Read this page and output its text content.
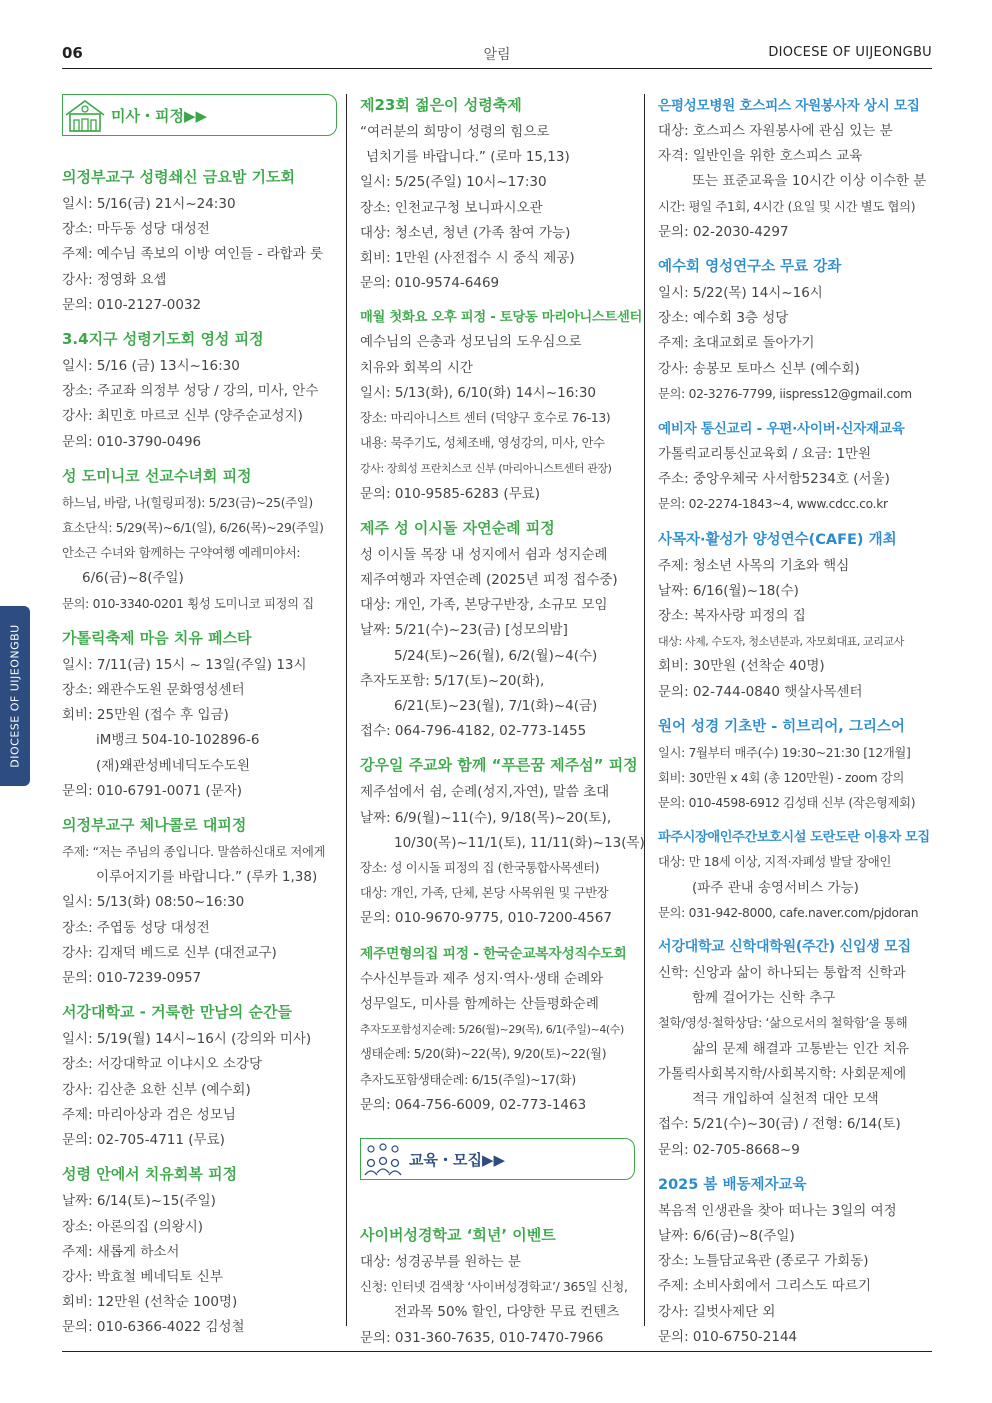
06	알림	DIOCESE OF UIJEONGBU
DIOCESE OF UIJEONGBU
미사・피정▶▶
의정부교구 성령쇄신 금요밤 기도회
일시: 5/16(금) 21시~24:30
장소: 마두동 성당 대성전
주제: 예수님 족보의 이방 여인들 - 라합과 룻
강사: 정영화 요셉
문의: 010-2127-0032
3.4지구 성령기도회 영성 피정
일시: 5/16 (금) 13시~16:30
장소: 주교좌 의정부 성당 / 강의, 미사, 안수
강사: 최민호 마르코 신부 (양주순교성지)
문의: 010-3790-0496
성 도미니코 선교수녀회 피정
하느님, 바람, 나(힐링피정): 5/23(금)~25(주일)
효소단식: 5/29(목)~6/1(일), 6/26(목)~29(주일)
안소근 수녀와 함께하는 구약여행 예레미야서:
6/6(금)~8(주일)
문의: 010-3340-0201 횡성 도미니코 피정의 집
가톨릭축제 마음 치유 페스타
일시: 7/11(금) 15시 ~ 13일(주일) 13시
장소: 왜관수도원 문화영성센터
회비: 25만원 (접수 후 입금)
iM뱅크 504-10-102896-6
(재)왜관성베네딕도수도원
문의: 010-6791-0071 (문자)
의정부교구 체나콜로 대피정
주제: “저는 주님의 종입니다. 말씀하신대로 저에게
이루어지기를 바랍니다.” (루카 1,38)
일시: 5/13(화) 08:50~16:30
장소: 주엽동 성당 대성전
강사: 김재덕 베드로 신부 (대전교구)
문의: 010-7239-0957
서강대학교 - 거룩한 만남의 순간들
일시: 5/19(월) 14시~16시 (강의와 미사)
장소: 서강대학교 이냐시오 소강당
강사: 김산춘 요한 신부 (예수회)
주제: 마리아상과 검은 성모님
문의: 02-705-4711 (무료)
성령 안에서 치유회복 피정
날짜: 6/14(토)~15(주일)
장소: 아론의집 (의왕시)
주제: 새롭게 하소서
강사: 박효철 베네딕토 신부
회비: 12만원 (선착순 100명)
문의: 010-6366-4022 김성철
제23회 젊은이 성령축제
“여러분의 희망이 성령의 힘으로
넘치기를 바랍니다.” (로마 15,13)
일시: 5/25(주일) 10시~17:30
장소: 인천교구청 보니파시오관
대상: 청소년, 청년 (가족 참여 가능)
회비: 1만원 (사전접수 시 중식 제공)
문의: 010-9574-6469
매월 첫화요 오후 피정 - 토당동 마리아니스트센터
예수님의 은총과 성모님의 도우심으로
치유와 회복의 시간
일시: 5/13(화), 6/10(화) 14시~16:30
장소: 마리아니스트 센터 (덕양구 호수로 76-13)
내용: 묵주기도, 성체조배, 영성강의, 미사, 안수
강사: 장희성 프란치스코 신부 (마리아니스트센터 관장)
문의: 010-9585-6283 (무료)
제주 성 이시돌 자연순례 피정
성 이시돌 목장 내 성지에서 쉼과 성지순례
제주여행과 자연순례 (2025년 피정 접수중)
대상: 개인, 가족, 본당구반장, 소규모 모임
날짜: 5/21(수)~23(금) [성모의밤]
5/24(토)~26(월), 6/2(월)~4(수)
추자도포함: 5/17(토)~20(화),
6/21(토)~23(월), 7/1(화)~4(금)
접수: 064-796-4182, 02-773-1455
강우일 주교와 함께 “푸른꿈 제주섬” 피정
제주섬에서 쉼, 순례(성지,자연), 말씀 초대
날짜: 6/9(월)~11(수), 9/18(목)~20(토),
10/30(목)~11/1(토), 11/11(화)~13(목)
장소: 성 이시돌 피정의 집 (한국통합사목센터)
대상: 개인, 가족, 단체, 본당 사목위원 및 구반장
문의: 010-9670-9775, 010-7200-4567
제주면형의집 피정 - 한국순교복자성직수도회
수사신부들과 제주 성지·역사·생태 순례와
성무일도, 미사를 함께하는 산들평화순례
추자도포함성지순례: 5/26(월)~29(목), 6/1(주일)~4(수)
생태순례: 5/20(화)~22(목), 9/20(토)~22(월)
추자도포함생태순례: 6/15(주일)~17(화)
문의: 064-756-6009, 02-773-1463
교육・모집▶▶
사이버성경학교 ‘희년’ 이벤트
대상: 성경공부를 원하는 분
신청: 인터넷 검색창 ‘사이버성경학교’/ 365일 신청,
전과목 50% 할인, 다양한 무료 컨텐츠
문의: 031-360-7635, 010-7470-7966
은평성모병원 호스피스 자원봉사자 상시 모집
대상: 호스피스 자원봉사에 관심 있는 분
자격: 일반인을 위한 호스피스 교육
또는 표준교육을 10시간 이상 이수한 분
시간: 평일 주1회, 4시간 (요일 및 시간 별도 협의)
문의: 02-2030-4297
예수회 영성연구소 무료 강좌
일시: 5/22(목) 14시~16시
장소: 예수회 3층 성당
주제: 초대교회로 돌아가기
강사: 송봉모 토마스 신부 (예수회)
문의: 02-3276-7799, iispress12@gmail.com
예비자 통신교리 - 우편·사이버·신자재교육
가톨릭교리통신교육회 / 요금: 1만원
주소: 중앙우체국 사서함5234호 (서울)
문의: 02-2274-1843~4, www.cdcc.co.kr
사목자·활성가 양성연수(CAFE) 개최
주제: 청소년 사목의 기초와 핵심
날짜: 6/16(월)~18(수)
장소: 복자사랑 피정의 집
대상: 사제, 수도자, 청소년분과, 자모회대표, 교리교사
회비: 30만원 (선착순 40명)
문의: 02-744-0840 햇살사목센터
원어 성경 기초반 - 히브리어, 그리스어
일시: 7월부터 매주(수) 19:30~21:30 [12개월]
회비: 30만원 x 4회 (총 120만원) - zoom 강의
문의: 010-4598-6912 김성태 신부 (작은형제회)
파주시장애인주간보호시설 도란도란 이용자 모집
대상: 만 18세 이상, 지적·자폐성 발달 장애인
(파주 관내 송영서비스 가능)
문의: 031-942-8000, cafe.naver.com/pjdoran
서강대학교 신학대학원(주간) 신입생 모집
신학: 신앙과 삶이 하나되는 통합적 신학과
함께 걸어가는 신학 추구
철학/영성·철학상담: ‘삶으로서의 철학함’을 통해
삶의 문제 해결과 고통받는 인간 치유
가톨릭사회복지학/사회복지학: 사회문제에
적극 개입하여 실천적 대안 모색
접수: 5/21(수)~30(금) / 전형: 6/14(토)
문의: 02-705-8668~9
2025 봄 배동제자교육
복음적 인생관을 찾아 떠나는 3일의 여정
날짜: 6/6(금)~8(주일)
장소: 노틀담교육관 (종로구 가회동)
주제: 소비사회에서 그리스도 따르기
강사: 길벗사제단 외
문의: 010-6750-2144
